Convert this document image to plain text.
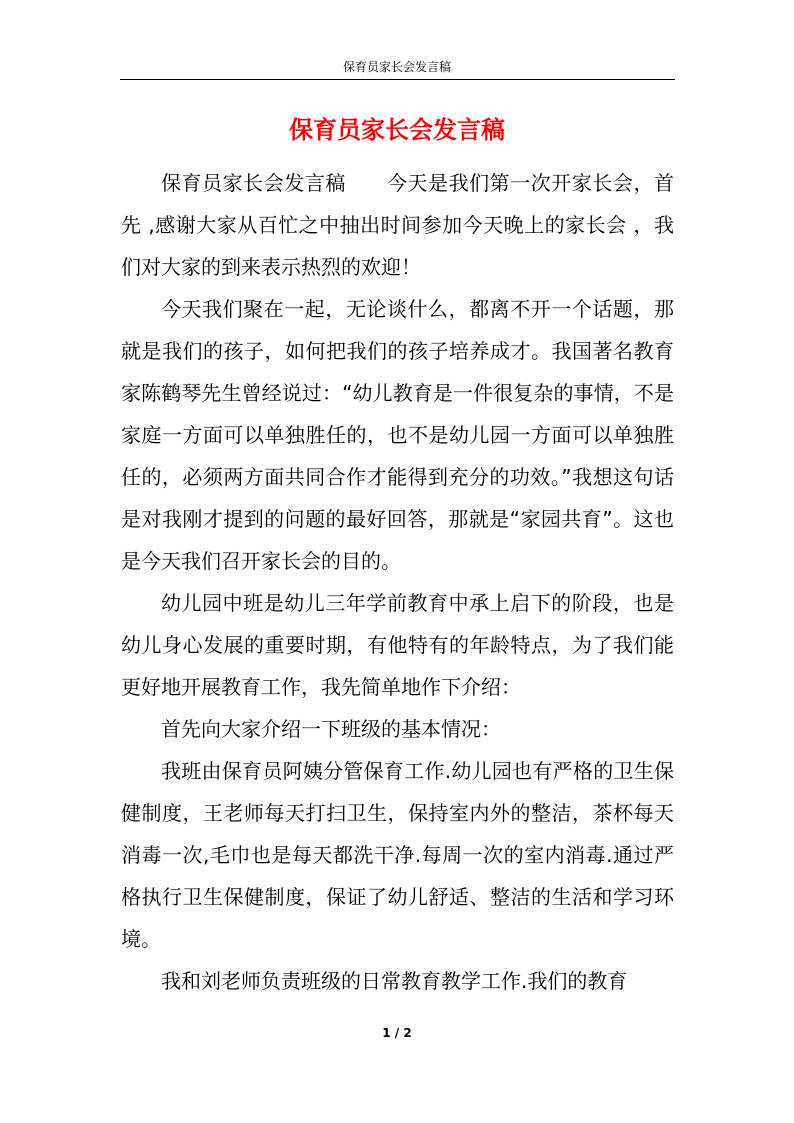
保育员家长会发言稿
保育员家长会发言稿

保育员家长会发言稿　　今天是我们第一次开家长会，首先 ,感谢大家从百忙之中抽出时间参加今天晚上的家长会 ，我们对大家的到来表示热烈的欢迎！

今天我们聚在一起，无论谈什么，都离不开一个话题，那就是我们的孩子，如何把我们的孩子培养成才。我国著名教育家陈鹤琴先生曾经说过：“幼儿教育是一件很复杂的事情，不是家庭一方面可以单独胜任的，也不是幼儿园一方面可以单独胜任的，必须两方面共同合作才能得到充分的功效。”我想这句话是对我刚才提到的问题的最好回答，那就是“家园共育”。这也是今天我们召开家长会的目的。

幼儿园中班是幼儿三年学前教育中承上启下的阶段，也是幼儿身心发展的重要时期，有他特有的年龄特点，为了我们能更好地开展教育工作，我先简单地作下介绍：

首先向大家介绍一下班级的基本情况：

我班由保育员阿姨分管保育工作.幼儿园也有严格的卫生保健制度，王老师每天打扫卫生，保持室内外的整洁，茶杯每天消毒一次,毛巾也是每天都洗干净.每周一次的室内消毒.通过严格执行卫生保健制度，保证了幼儿舒适、整洁的生活和学习环境。

我和刘老师负责班级的日常教育教学工作.我们的教育

1 / 2
